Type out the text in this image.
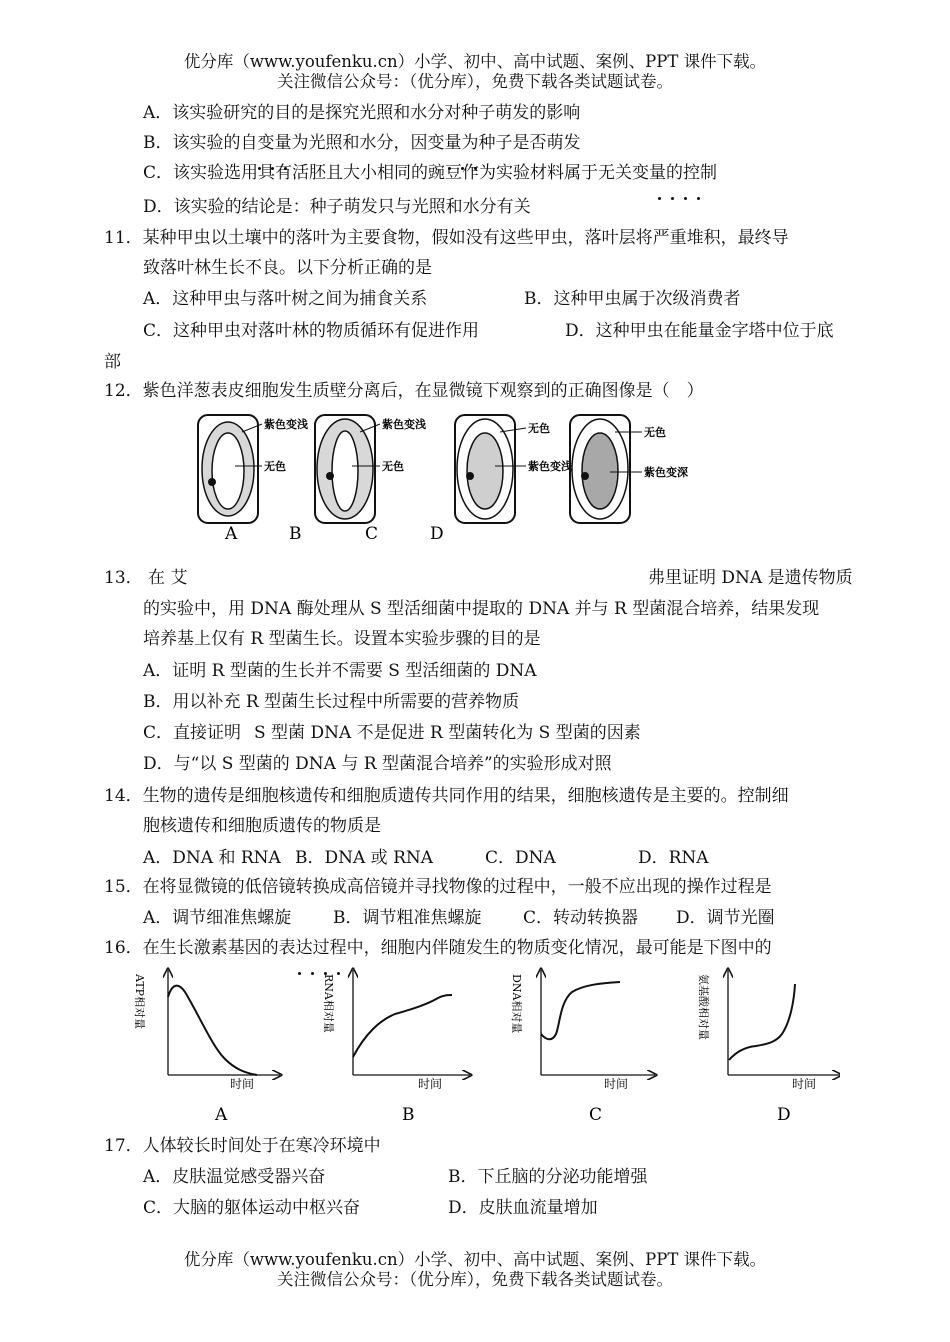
优分库（www.youfenku.cn）小学、初中、高中试题、案例、PPT 课件下载。
关注微信公众号：（优分库），免费下载各类试题试卷。
A．该实验研究的目的是探究光照和水分对种子萌发的影响
B．该实验的自变量为光照和水分，因变量为种子是否萌发
C．该实验选用具有活胚且大小相同的豌豆作为实验材料属于无关变量的控制
D．该实验的结论是：种子萌发只与光照和水分有关
11．某种甲虫以土壤中的落叶为主要食物，假如没有这些甲虫，落叶层将严重堆积，最终导
致落叶林生长不良。以下分析正确的是
A．这种甲虫与落叶树之间为捕食关系	B．这种甲虫属于次级消费者
C．这种甲虫对落叶林的物质循环有促进作用	D．这种甲虫在能量金字塔中位于底
部
12．紫色洋葱表皮细胞发生质壁分离后，在显微镜下观察到的正确图像是（　）
紫色变浅
无色
紫色变浅
无色
无色
紫色变浅
无色
紫色变深
A	B	C	D
13． 在 艾	弗里证明 DNA 是遗传物质
的实验中，用 DNA 酶处理从 S 型活细菌中提取的 DNA 并与 R 型菌混合培养，结果发现
培养基上仅有 R 型菌生长。设置本实验步骤的目的是
A．证明 R 型菌的生长并不需要 S 型活细菌的 DNA
B．用以补充 R 型菌生长过程中所需要的营养物质
C．直接证明 S 型菌 DNA 不是促进 R 型菌转化为 S 型菌的因素
D．与“以 S 型菌的 DNA 与 R 型菌混合培养”的实验形成对照
14．生物的遗传是细胞核遗传和细胞质遗传共同作用的结果，细胞核遗传是主要的。控制细
胞核遗传和细胞质遗传的物质是
A．DNA 和 RNA B．DNA 或 RNA	C．DNA	D．RNA
15．在将显微镜的低倍镜转换成高倍镜并寻找物像的过程中，一般不应出现的操作过程是
A．调节细准焦螺旋 B．调节粗准焦螺旋 C．转动转换器 D．调节光圈
16．在生长激素基因的表达过程中，细胞内伴随发生的物质变化情况，最可能是下图中的
ATP相对量
时间
A
RNA相对量
时间
B
DNA相对量
时间
C
氨基酸相对量
时间
D
17．人体较长时间处于在寒冷环境中
A．皮肤温觉感受器兴奋	B．下丘脑的分泌功能增强
C．大脑的躯体运动中枢兴奋	D．皮肤血流量增加
优分库（www.youfenku.cn）小学、初中、高中试题、案例、PPT 课件下载。
关注微信公众号：（优分库），免费下载各类试题试卷。
